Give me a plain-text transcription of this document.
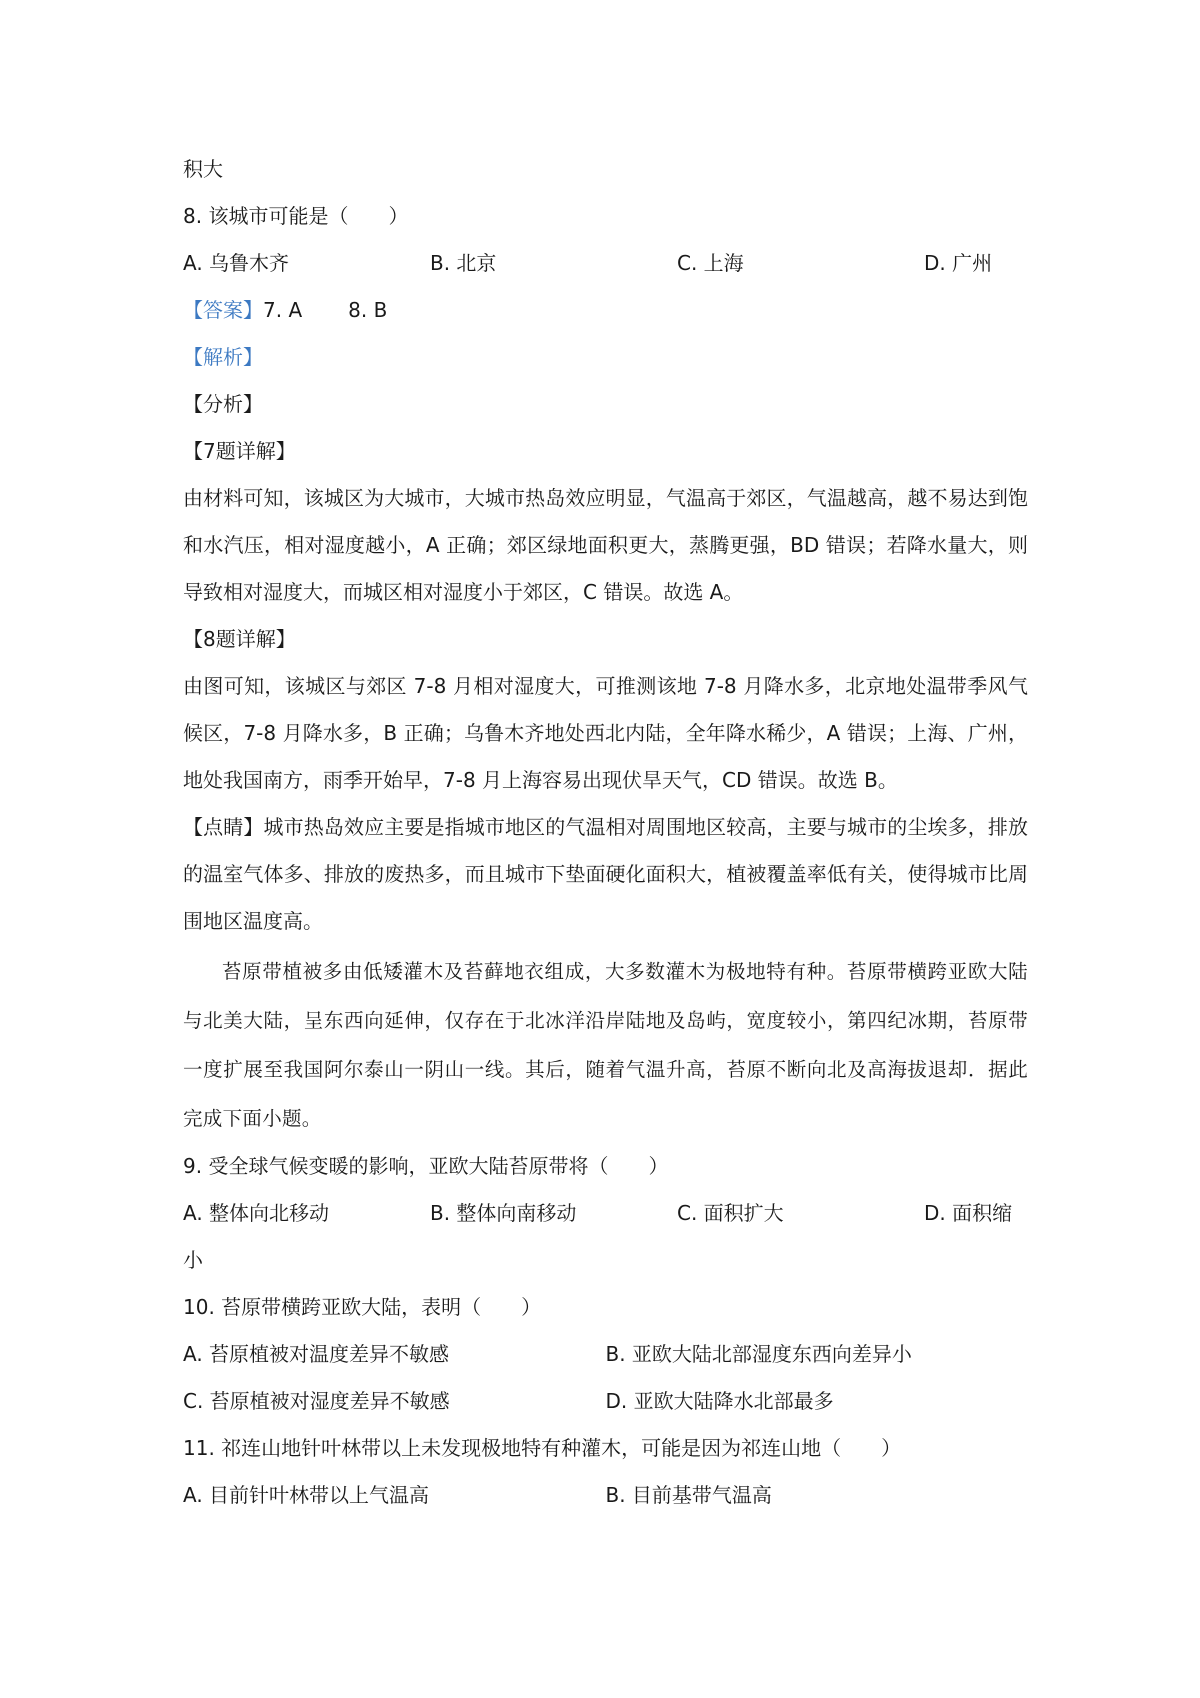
积大
8. 该城市可能是（　　）
A. 乌鲁木齐	B. 北京	C. 上海	D. 广州
【答案】7. A 8. B
【解析】
【分析】
【7题详解】
由材料可知，该城区为大城市，大城市热岛效应明显，气温高于郊区，气温越高，越不易达到饱和水汽压，相对湿度越小，A 正确；郊区绿地面积更大，蒸腾更强，BD 错误；若降水量大，则导致相对湿度大，而城区相对湿度小于郊区，C 错误。故选 A。
【8题详解】
由图可知，该城区与郊区 7-8 月相对湿度大，可推测该地 7-8 月降水多，北京地处温带季风气候区，7-8 月降水多，B 正确；乌鲁木齐地处西北内陆，全年降水稀少，A 错误；上海、广州，地处我国南方，雨季开始早，7-8 月上海容易出现伏旱天气，CD 错误。故选 B。
【点睛】城市热岛效应主要是指城市地区的气温相对周围地区较高，主要与城市的尘埃多，排放的温室气体多、排放的废热多，而且城市下垫面硬化面积大，植被覆盖率低有关，使得城市比周围地区温度高。
苔原带植被多由低矮灌木及苔藓地衣组成，大多数灌木为极地特有种。苔原带横跨亚欧大陆与北美大陆，呈东西向延伸，仅存在于北冰洋沿岸陆地及岛屿，宽度较小，第四纪冰期，苔原带一度扩展至我国阿尔泰山一阴山一线。其后，随着气温升高，苔原不断向北及高海拔退却．据此完成下面小题。
9. 受全球气候变暖的影响，亚欧大陆苔原带将（　　）
A. 整体向北移动	B. 整体向南移动	C. 面积扩大	D. 面积缩
小
10. 苔原带横跨亚欧大陆，表明（　　）
A. 苔原植被对温度差异不敏感	B. 亚欧大陆北部湿度东西向差异小
C. 苔原植被对湿度差异不敏感	D. 亚欧大陆降水北部最多
11. 祁连山地针叶林带以上未发现极地特有种灌木，可能是因为祁连山地（　　）
A. 目前针叶林带以上气温高	B. 目前基带气温高
